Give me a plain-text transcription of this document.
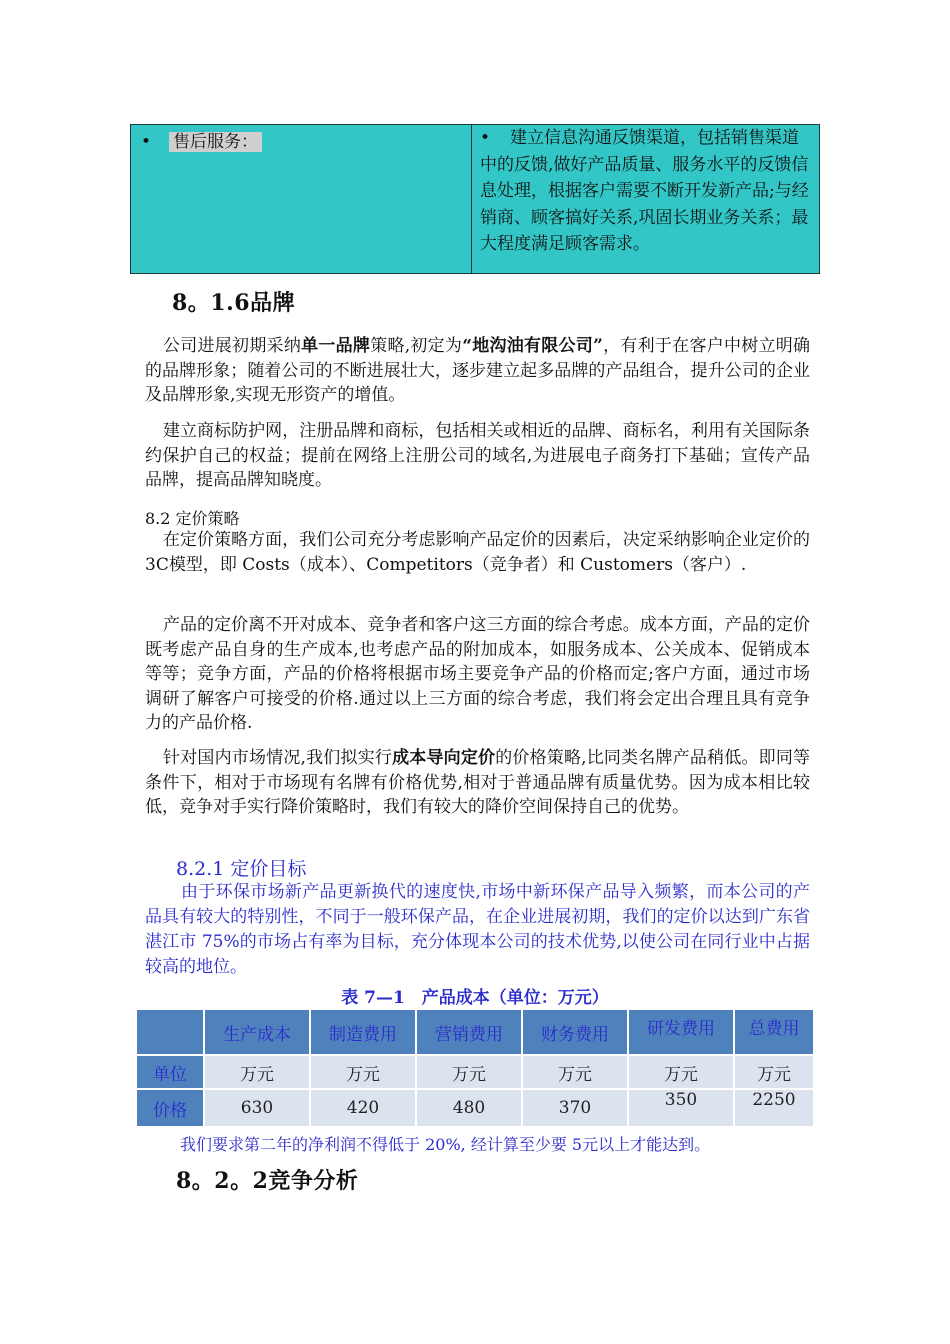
• 售后服务：	• 建立信息沟通反馈渠道，包括销售渠道中的反馈,做好产品质量、服务水平的反馈信息处理，根据客户需要不断开发新产品;与经销商、顾客搞好关系,巩固长期业务关系；最大程度满足顾客需求。
8。1.6品牌

公司进展初期采纳单一品牌策略,初定为“地沟油有限公司”，有利于在客户中树立明确的品牌形象；随着公司的不断进展壮大，逐步建立起多品牌的产品组合，提升公司的企业及品牌形象,实现无形资产的增值。

建立商标防护网，注册品牌和商标，包括相关或相近的品牌、商标名，利用有关国际条约保护自己的权益；提前在网络上注册公司的域名,为进展电子商务打下基础；宣传产品品牌，提高品牌知晓度。

8.2 定价策略

在定价策略方面，我们公司充分考虑影响产品定价的因素后，决定采纳影响企业定价的3C模型，即 Costs（成本）、Competitors（竞争者）和 Customers（客户）.

产品的定价离不开对成本、竞争者和客户这三方面的综合考虑。成本方面，产品的定价既考虑产品自身的生产成本,也考虑产品的附加成本，如服务成本、公关成本、促销成本等等；竞争方面，产品的价格将根据市场主要竞争产品的价格而定;客户方面，通过市场调研了解客户可接受的价格.通过以上三方面的综合考虑，我们将会定出合理且具有竞争力的产品价格.

针对国内市场情况,我们拟实行成本导向定价的价格策略,比同类名牌产品稍低。即同等条件下，相对于市场现有名牌有价格优势,相对于普通品牌有质量优势。因为成本相比较低，竞争对手实行降价策略时，我们有较大的降价空间保持自己的优势。

8.2.1 定价目标

由于环保市场新产品更新换代的速度快,市场中新环保产品导入频繁，而本公司的产品具有较大的特别性，不同于一般环保产品，在企业进展初期，我们的定价以达到广东省湛江市 75%的市场占有率为目标，充分体现本公司的技术优势,以使公司在同行业中占据较高的地位。

表 7—1　产品成本（单位：万元）
	生产成本	制造费用	营销费用	财务费用	研发费用	总费用
单位	万元	万元	万元	万元	万元	万元
价格	630	420	480	370	350	2250
我们要求第二年的净利润不得低于 20%, 经计算至少要 5元以上才能达到。
8。2。2竞争分析
